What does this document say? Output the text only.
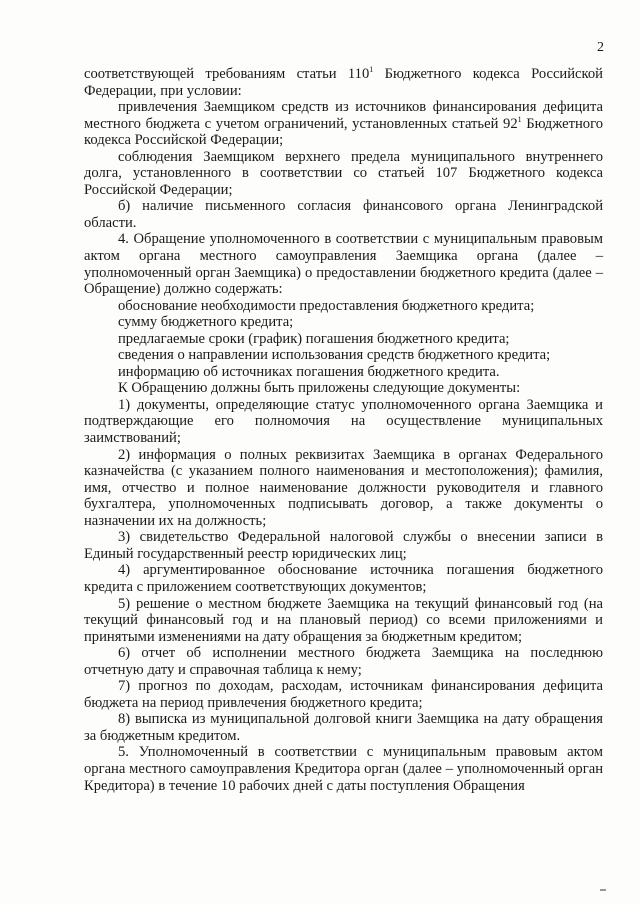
2

соответствующей требованиям статьи $110^1$ Бюджетного кодекса Российской Федерации, при условии:

привлечения Заемщиком средств из источников финансирования дефицита местного бюджета с учетом ограничений, установленных статьей $92^1$ Бюджетного кодекса Российской Федерации;

соблюдения Заемщиком верхнего предела муниципального внутреннего долга, установленного в соответствии со статьей 107 Бюджетного кодекса Российской Федерации;

б) наличие письменного согласия финансового органа Ленинградской области.

4. Обращение уполномоченного в соответствии с муниципальным правовым актом органа местного самоуправления Заемщика органа (далее – уполномоченный орган Заемщика) о предоставлении бюджетного кредита (далее – Обращение) должно содержать:

обоснование необходимости предоставления бюджетного кредита;

сумму бюджетного кредита;

предлагаемые сроки (график) погашения бюджетного кредита;

сведения о направлении использования средств бюджетного кредита;

информацию об источниках погашения бюджетного кредита.

К Обращению должны быть приложены следующие документы:

1) документы, определяющие статус уполномоченного органа Заемщика и подтверждающие его полномочия на осуществление муниципальных заимствований;

2) информация о полных реквизитах Заемщика в органах Федерального казначейства (с указанием полного наименования и местоположения); фамилия, имя, отчество и полное наименование должности руководителя и главного бухгалтера, уполномоченных подписывать договор, а также документы о назначении их на должность;

3) свидетельство Федеральной налоговой службы о внесении записи в Единый государственный реестр юридических лиц;

4) аргументированное обоснование источника погашения бюджетного кредита с приложением соответствующих документов;

5) решение о местном бюджете Заемщика на текущий финансовый год (на текущий финансовый год и на плановый период) со всеми приложениями и принятыми изменениями на дату обращения за бюджетным кредитом;

6) отчет об исполнении местного бюджета Заемщика на последнюю отчетную дату и справочная таблица к нему;

7) прогноз по доходам, расходам, источникам финансирования дефицита бюджета на период привлечения бюджетного кредита;

8) выписка из муниципальной долговой книги Заемщика на дату обращения за бюджетным кредитом.

5. Уполномоченный в соответствии с муниципальным правовым актом органа местного самоуправления Кредитора орган (далее – уполномоченный орган Кредитора) в течение 10 рабочих дней с даты поступления Обращения
